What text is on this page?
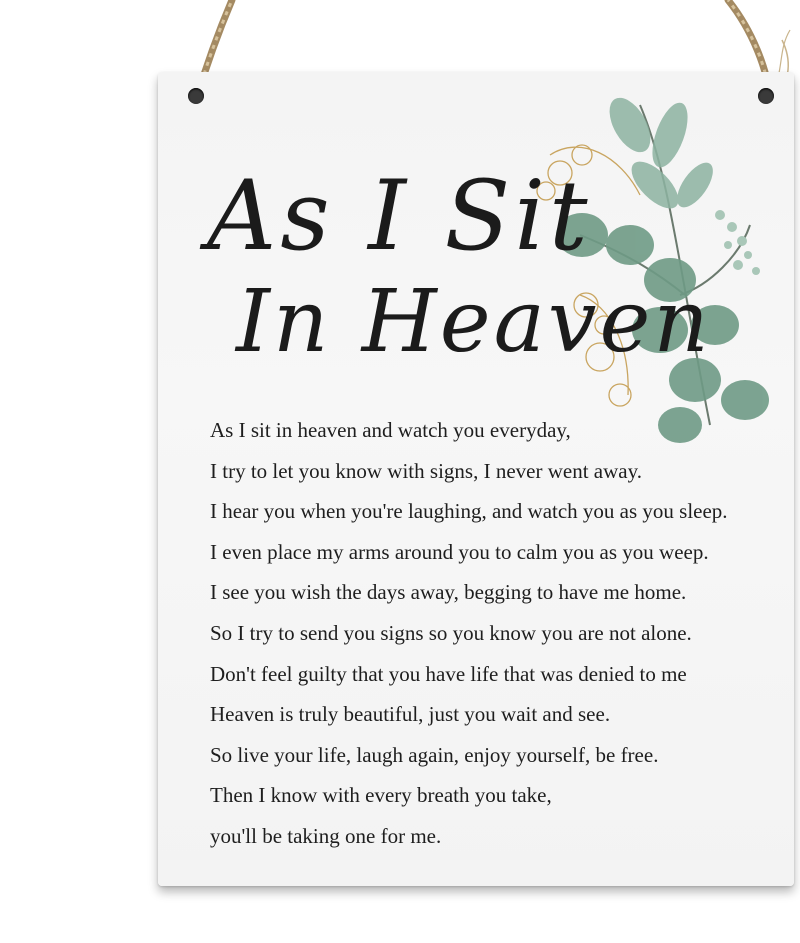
As I Sit
In Heaven
As I sit in heaven and watch you everyday,
I try to let you know with signs, I never went away.
I hear you when you're laughing, and watch you as you sleep.
I even place my arms around you to calm you as you weep.
I see you wish the days away, begging to have me home.
So I try to send you signs so you know you are not alone.
Don't feel guilty that you have life that was denied to me
Heaven is truly beautiful, just you wait and see.
So live your life, laugh again, enjoy yourself, be free.
Then I know with every breath you take,
you'll be taking one for me.
